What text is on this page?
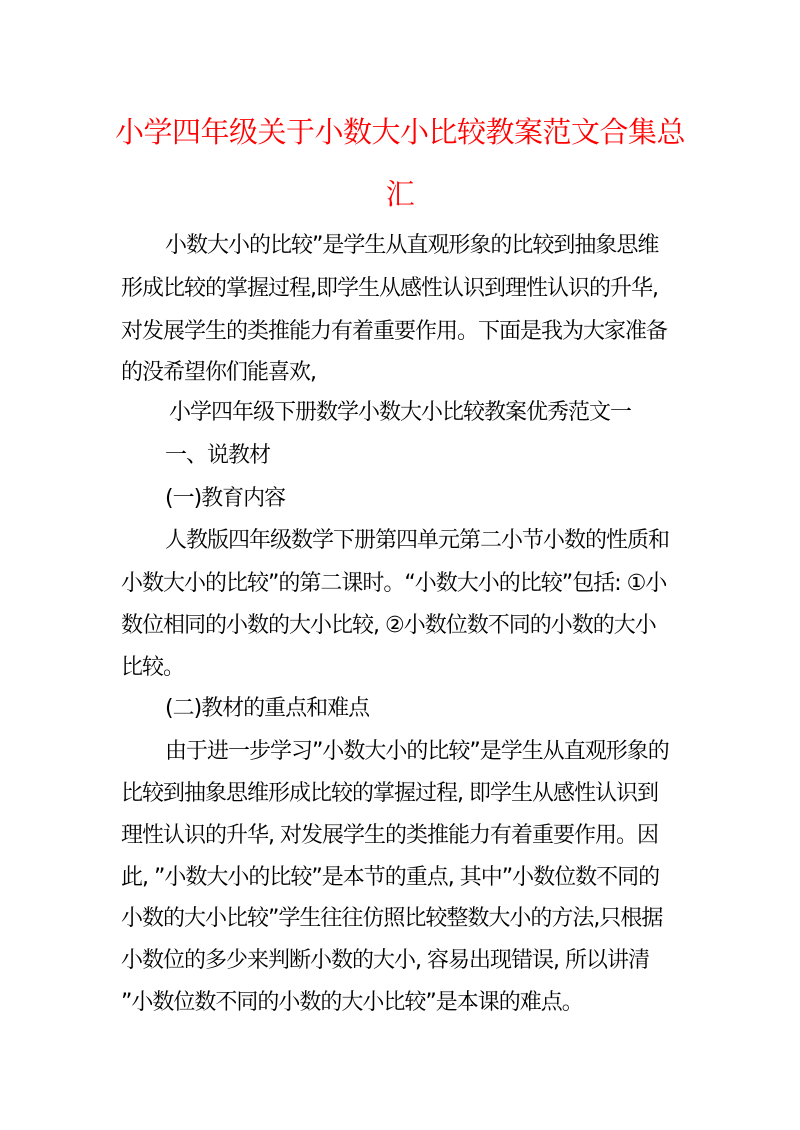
小学四年级关于小数大小比较教案范文合集总
汇
小数大小的比较”是学生从直观形象的比较到抽象思维
形成比较的掌握过程,即学生从感性认识到理性认识的升华,
对发展学生的类推能力有着重要作用。下面是我为大家准备
的没希望你们能喜欢,
小学四年级下册数学小数大小比较教案优秀范文一
一、说教材
(一)教育内容
人教版四年级数学下册第四单元第二小节小数的性质和
小数大小的比较”的第二课时。“小数大小的比较”包括: ①小
数位相同的小数的大小比较, ②小数位数不同的小数的大小
比较。
(二)教材的重点和难点
由于进一步学习”小数大小的比较”是学生从直观形象的
比较到抽象思维形成比较的掌握过程, 即学生从感性认识到
理性认识的升华, 对发展学生的类推能力有着重要作用。因
此, ”小数大小的比较”是本节的重点, 其中”小数位数不同的
小数的大小比较”学生往往仿照比较整数大小的方法,只根据
小数位的多少来判断小数的大小, 容易出现错误, 所以讲清
”小数位数不同的小数的大小比较”是本课的难点。
